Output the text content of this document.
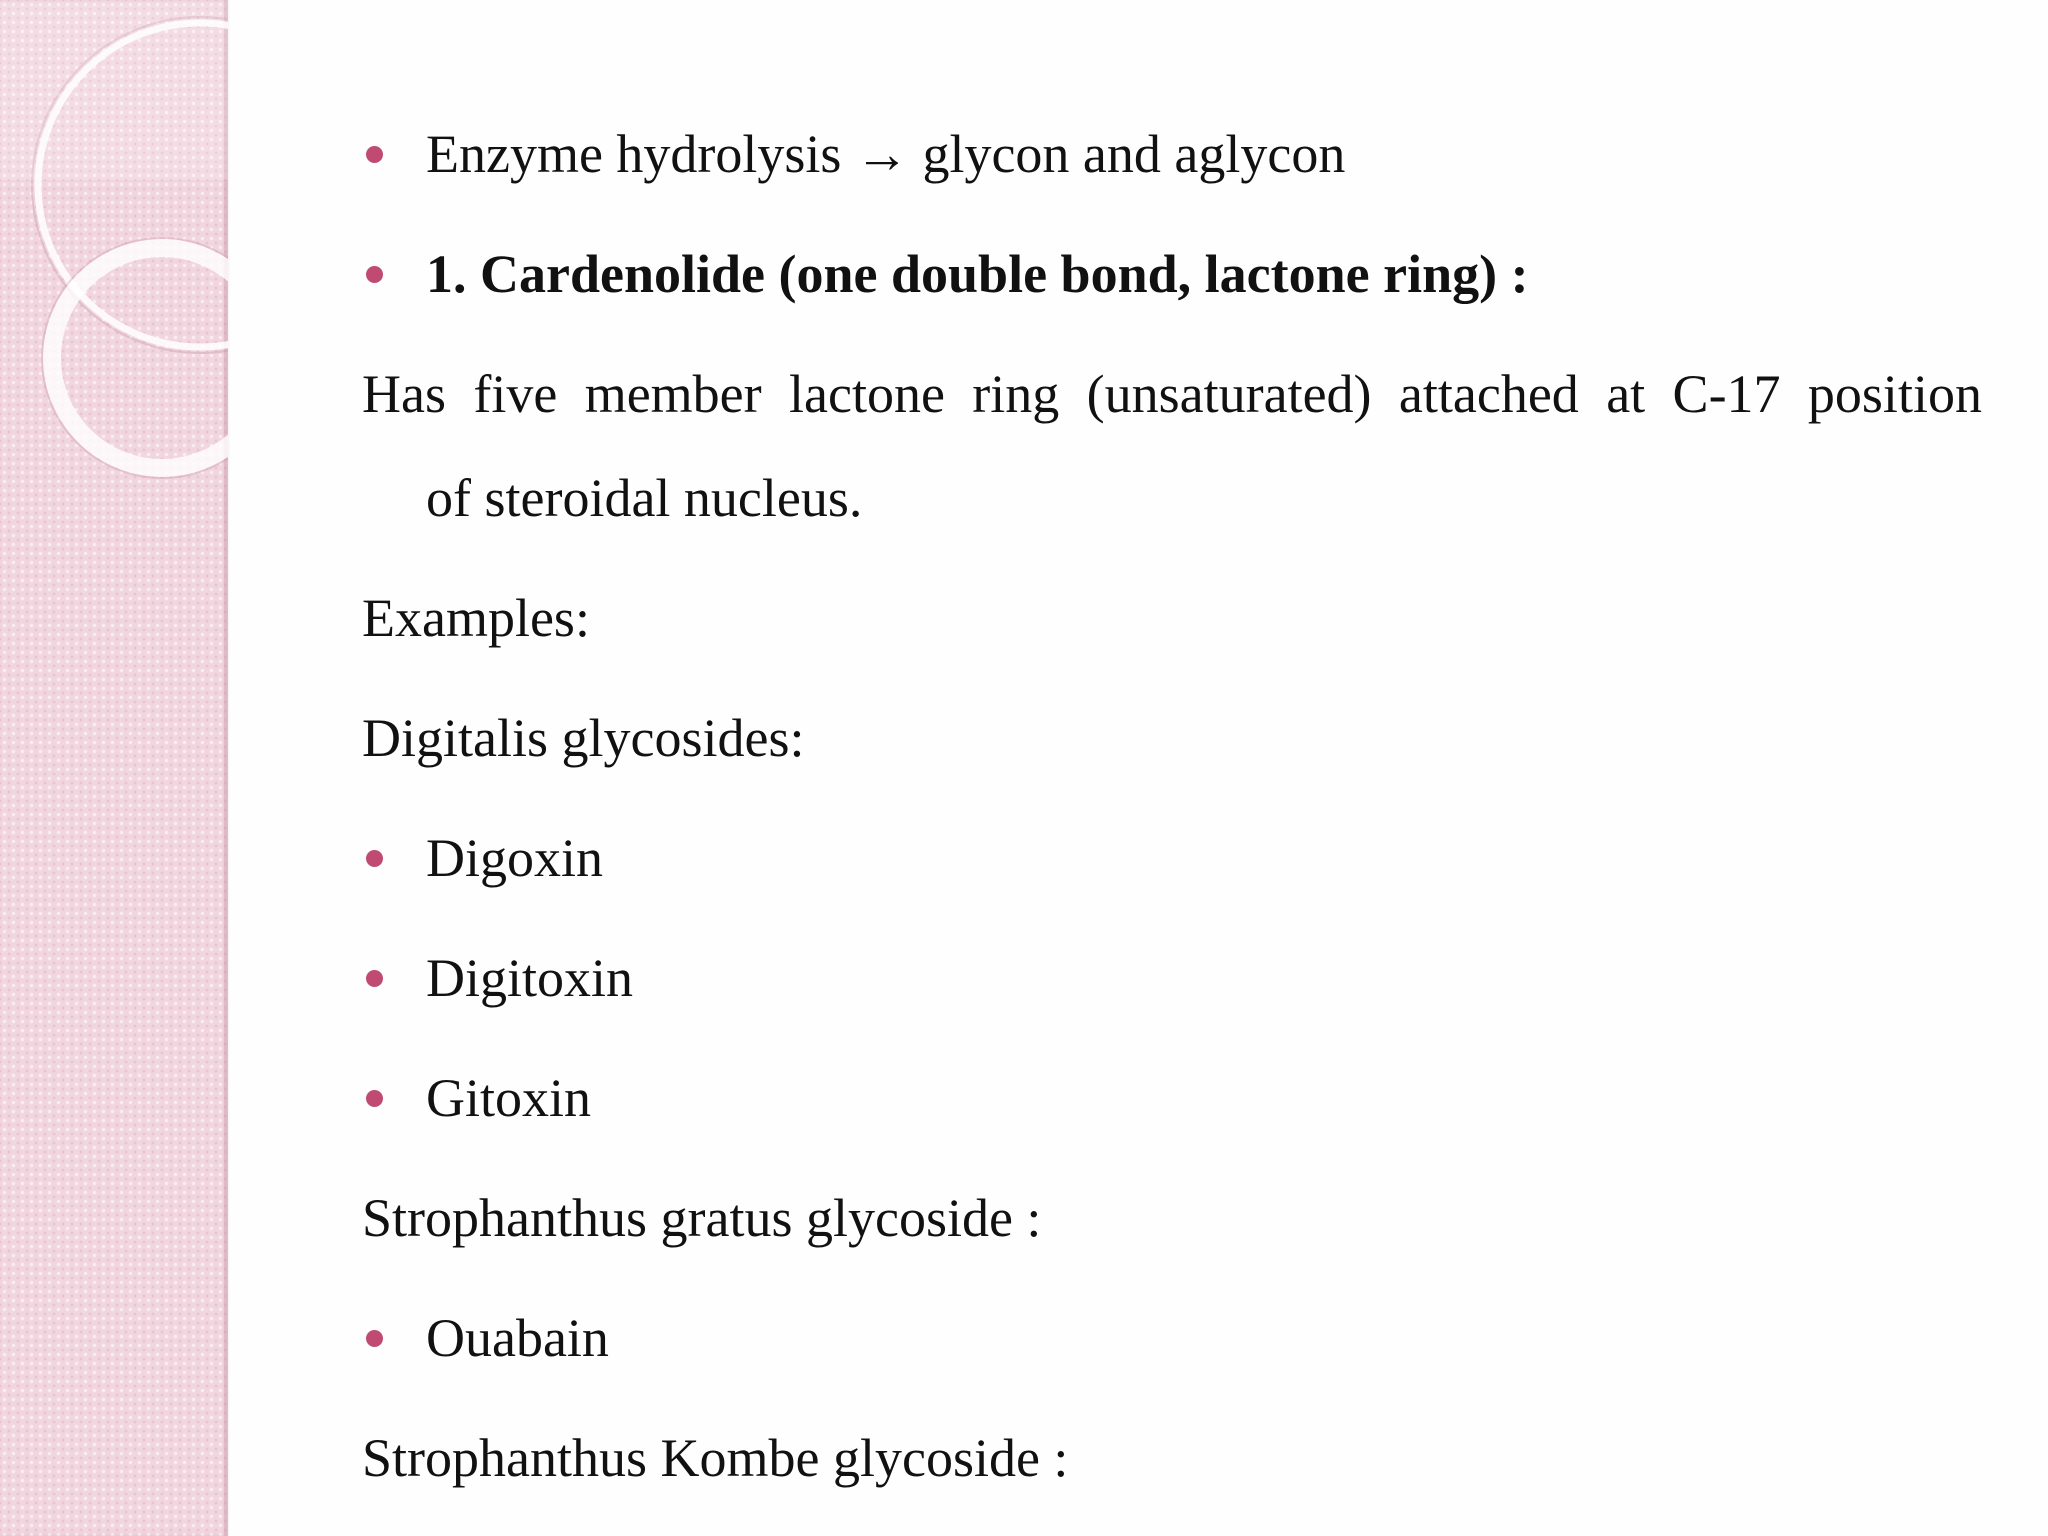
Enzyme hydrolysis → glycon and aglycon
1. Cardenolide (one double bond, lactone ring) :
Has five member lactone ring (unsaturated) attached at C-17 position
of steroidal nucleus.
Examples:
Digitalis glycosides:
Digoxin
Digitoxin
Gitoxin
Strophanthus gratus glycoside :
Ouabain
Strophanthus Kombe glycoside :
